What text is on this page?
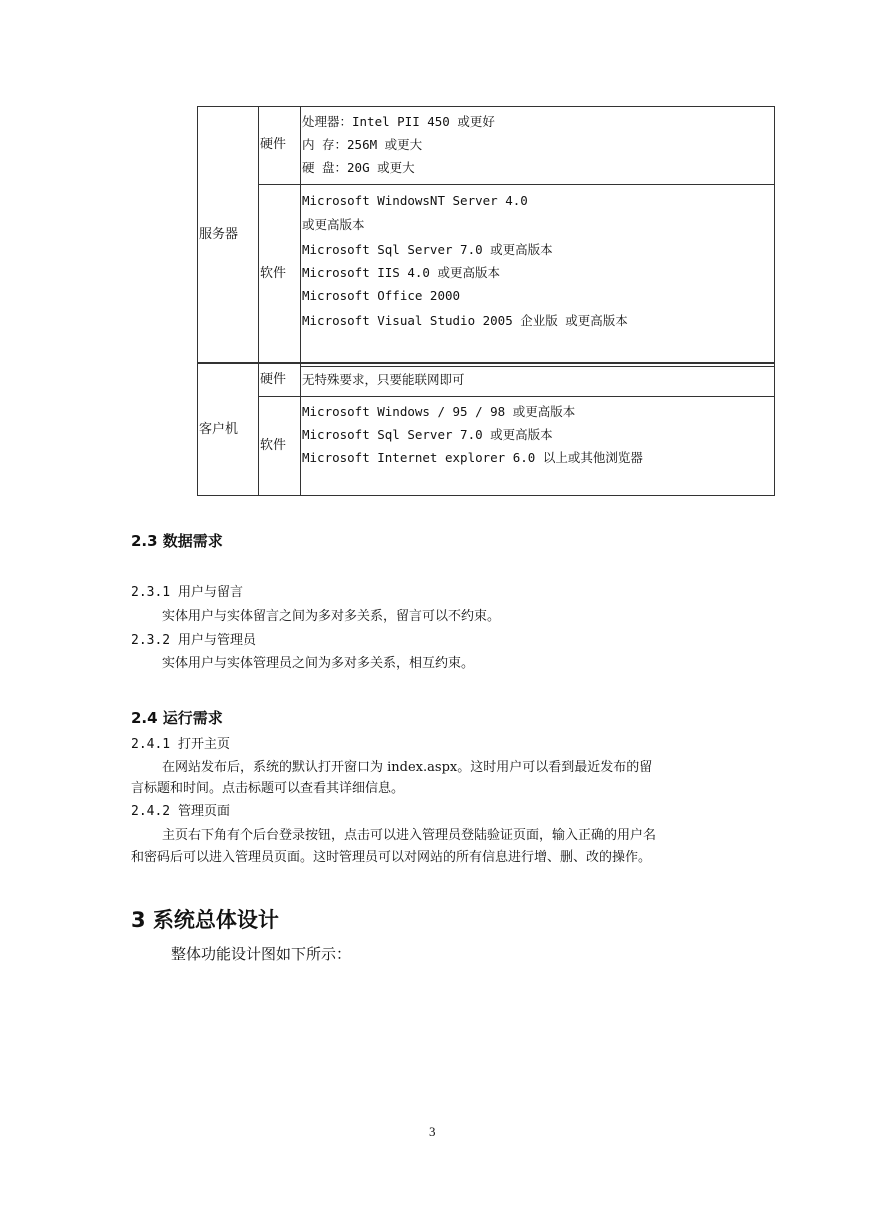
服务器
硬件
处理器：Intel PII 450 或更好
内 存：256M 或更大
硬 盘：20G 或更大
软件
Microsoft WindowsNT Server 4.0
或更高版本
Microsoft Sql Server 7.0 或更高版本
Microsoft IIS 4.0 或更高版本
Microsoft Office 2000
Microsoft Visual Studio 2005 企业版 或更高版本
客户机
硬件 无特殊要求，只要能联网即可
软件
Microsoft Windows / 95 / 98 或更高版本
Microsoft Sql Server 7.0 或更高版本
Microsoft Internet explorer 6.0 以上或其他浏览器
2.3 数据需求
2.3.1 用户与留言
实体用户与实体留言之间为多对多关系，留言可以不约束。
2.3.2 用户与管理员
实体用户与实体管理员之间为多对多关系，相互约束。
2.4 运行需求
2.4.1 打开主页
在网站发布后，系统的默认打开窗口为 index.aspx。这时用户可以看到最近发布的留
言标题和时间。点击标题可以查看其详细信息。
2.4.2 管理页面
主页右下角有个后台登录按钮，点击可以进入管理员登陆验证页面，输入正确的用户名
和密码后可以进入管理员页面。这时管理员可以对网站的所有信息进行增、删、改的操作。
3 系统总体设计
整体功能设计图如下所示：
3
